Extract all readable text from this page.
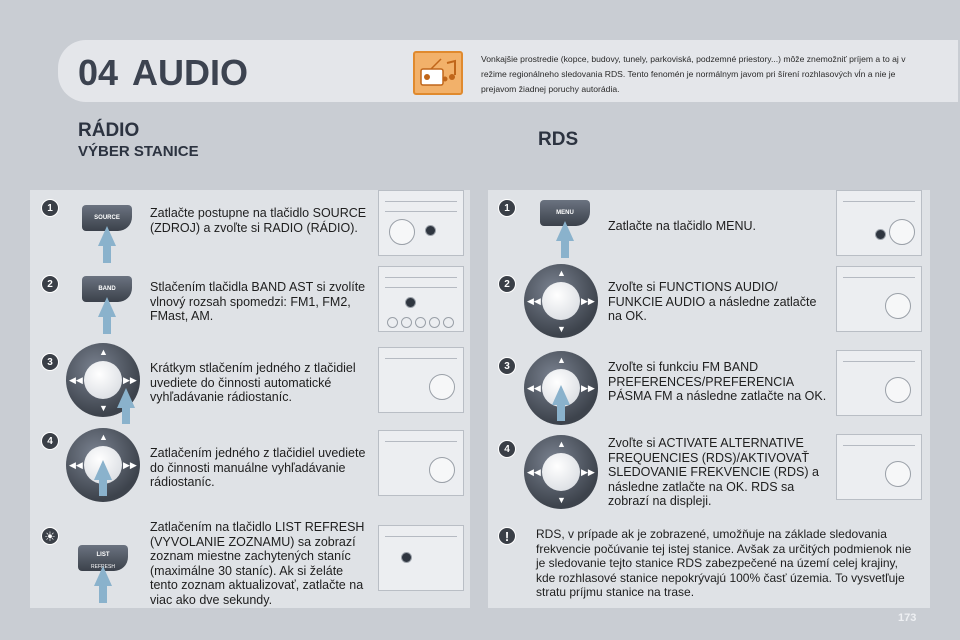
04 AUDIO	Vonkajšie prostredie (kopce, budovy, tunely, parkoviská, podzemné priestory...) môže znemožniť príjem a to aj v režime regionálneho sledovania RDS. Tento fenomén je normálnym javom pri šírení rozhlasových vĺn a nie je prejavom žiadnej poruchy autorádia.
RÁDIO
VÝBER STANICE
RDS
1
SOURCE	Zatlačte postupne na tlačidlo SOURCE (ZDROJ) a zvoľte si RADIO (RÁDIO).
2	BAND	Stlačením tlačidla BAND AST si zvolíte vlnový rozsah spomedzi: FM1, FM2, FMast, AM.
3
▲
▼
◀◀	▶▶
Krátkym stlačením jedného z tlačidiel uvediete do činnosti automatické vyhľadávanie rádiostaníc.
4	▲
◀◀	▶▶
Zatlačením jedného z tlačidiel uvediete do činnosti manuálne vyhľadávanie rádiostaníc.
☀
LIST
REFRESH
Zatlačením na tlačidlo LIST REFRESH (VYVOLANIE ZOZNAMU) sa zobrazí zoznam miestne zachytených staníc (maximálne 30 staníc). Ak si želáte tento zoznam aktualizovať, zatlačte na viac ako dve sekundy.
1	MENU
Zatlačte na tlačidlo MENU.
2
▲
▼
◀◀	▶▶
Zvoľte si FUNCTIONS AUDIO/ FUNKCIE AUDIO a následne zatlačte na OK.
3
▲
◀◀	▶▶
Zvoľte si funkciu FM BAND PREFERENCES/PREFERENCIA PÁSMA FM a následne zatlačte na OK.
4	▲
▼
◀◀	▶▶
Zvoľte si ACTIVATE ALTERNATIVE FREQUENCIES (RDS)/AKTIVOVAŤ SLEDOVANIE FREKVENCIE (RDS) a následne zatlačte na OK. RDS sa zobrazí na displeji.
!	RDS, v prípade ak je zobrazené, umožňuje na základe sledovania frekvencie počúvanie tej istej stanice. Avšak za určitých podmienok nie je sledovanie tejto stanice RDS zabezpečené na území celej krajiny, kde rozhlasové stanice nepokrývajú 100% časť územia. To vysvetľuje stratu príjmu stanice na trase.
173
